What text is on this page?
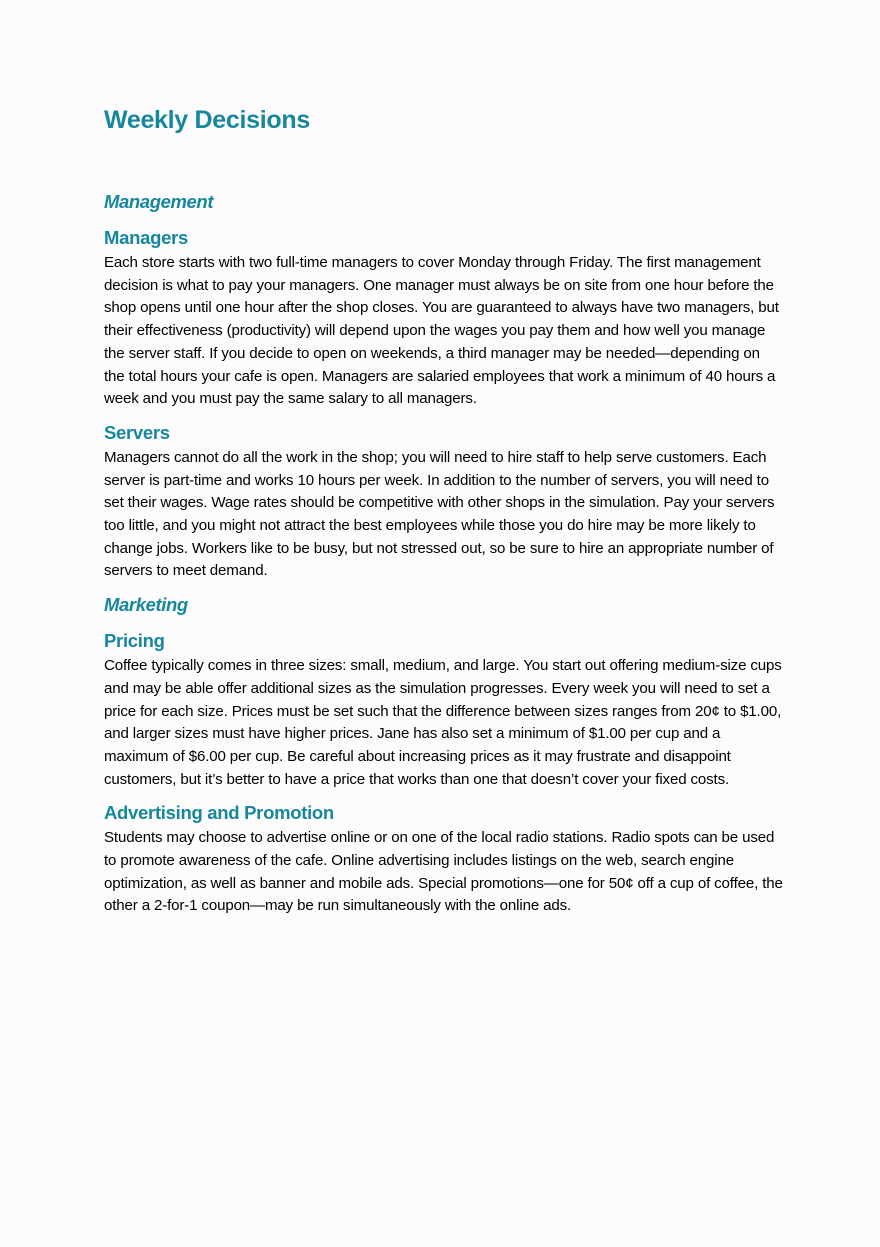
Weekly Decisions
Management
Managers

Each store starts with two full-time managers to cover Monday through Friday. The first management decision is what to pay your managers. One manager must always be on site from one hour before the shop opens until one hour after the shop closes. You are guaranteed to always have two managers, but their effectiveness (productivity) will depend upon the wages you pay them and how well you manage the server staff. If you decide to open on weekends, a third manager may be needed—depending on the total hours your cafe is open. Managers are salaried employees that work a minimum of 40 hours a week and you must pay the same salary to all managers.

Servers

Managers cannot do all the work in the shop; you will need to hire staff to help serve customers. Each server is part-time and works 10 hours per week. In addition to the number of servers, you will need to set their wages. Wage rates should be competitive with other shops in the simulation. Pay your servers too little, and you might not attract the best employees while those you do hire may be more likely to change jobs. Workers like to be busy, but not stressed out, so be sure to hire an appropriate number of servers to meet demand.

Marketing
Pricing

Coffee typically comes in three sizes: small, medium, and large. You start out offering medium-size cups and may be able offer additional sizes as the simulation progresses. Every week you will need to set a price for each size. Prices must be set such that the difference between sizes ranges from 20¢ to $1.00, and larger sizes must have higher prices. Jane has also set a minimum of $1.00 per cup and a maximum of $6.00 per cup. Be careful about increasing prices as it may frustrate and disappoint customers, but it’s better to have a price that works than one that doesn’t cover your fixed costs.

Advertising and Promotion

Students may choose to advertise online or on one of the local radio stations. Radio spots can be used to promote awareness of the cafe. Online advertising includes listings on the web, search engine optimization, as well as banner and mobile ads. Special promotions—one for 50¢ off a cup of coffee, the other a 2-for-1 coupon—may be run simultaneously with the online ads.
